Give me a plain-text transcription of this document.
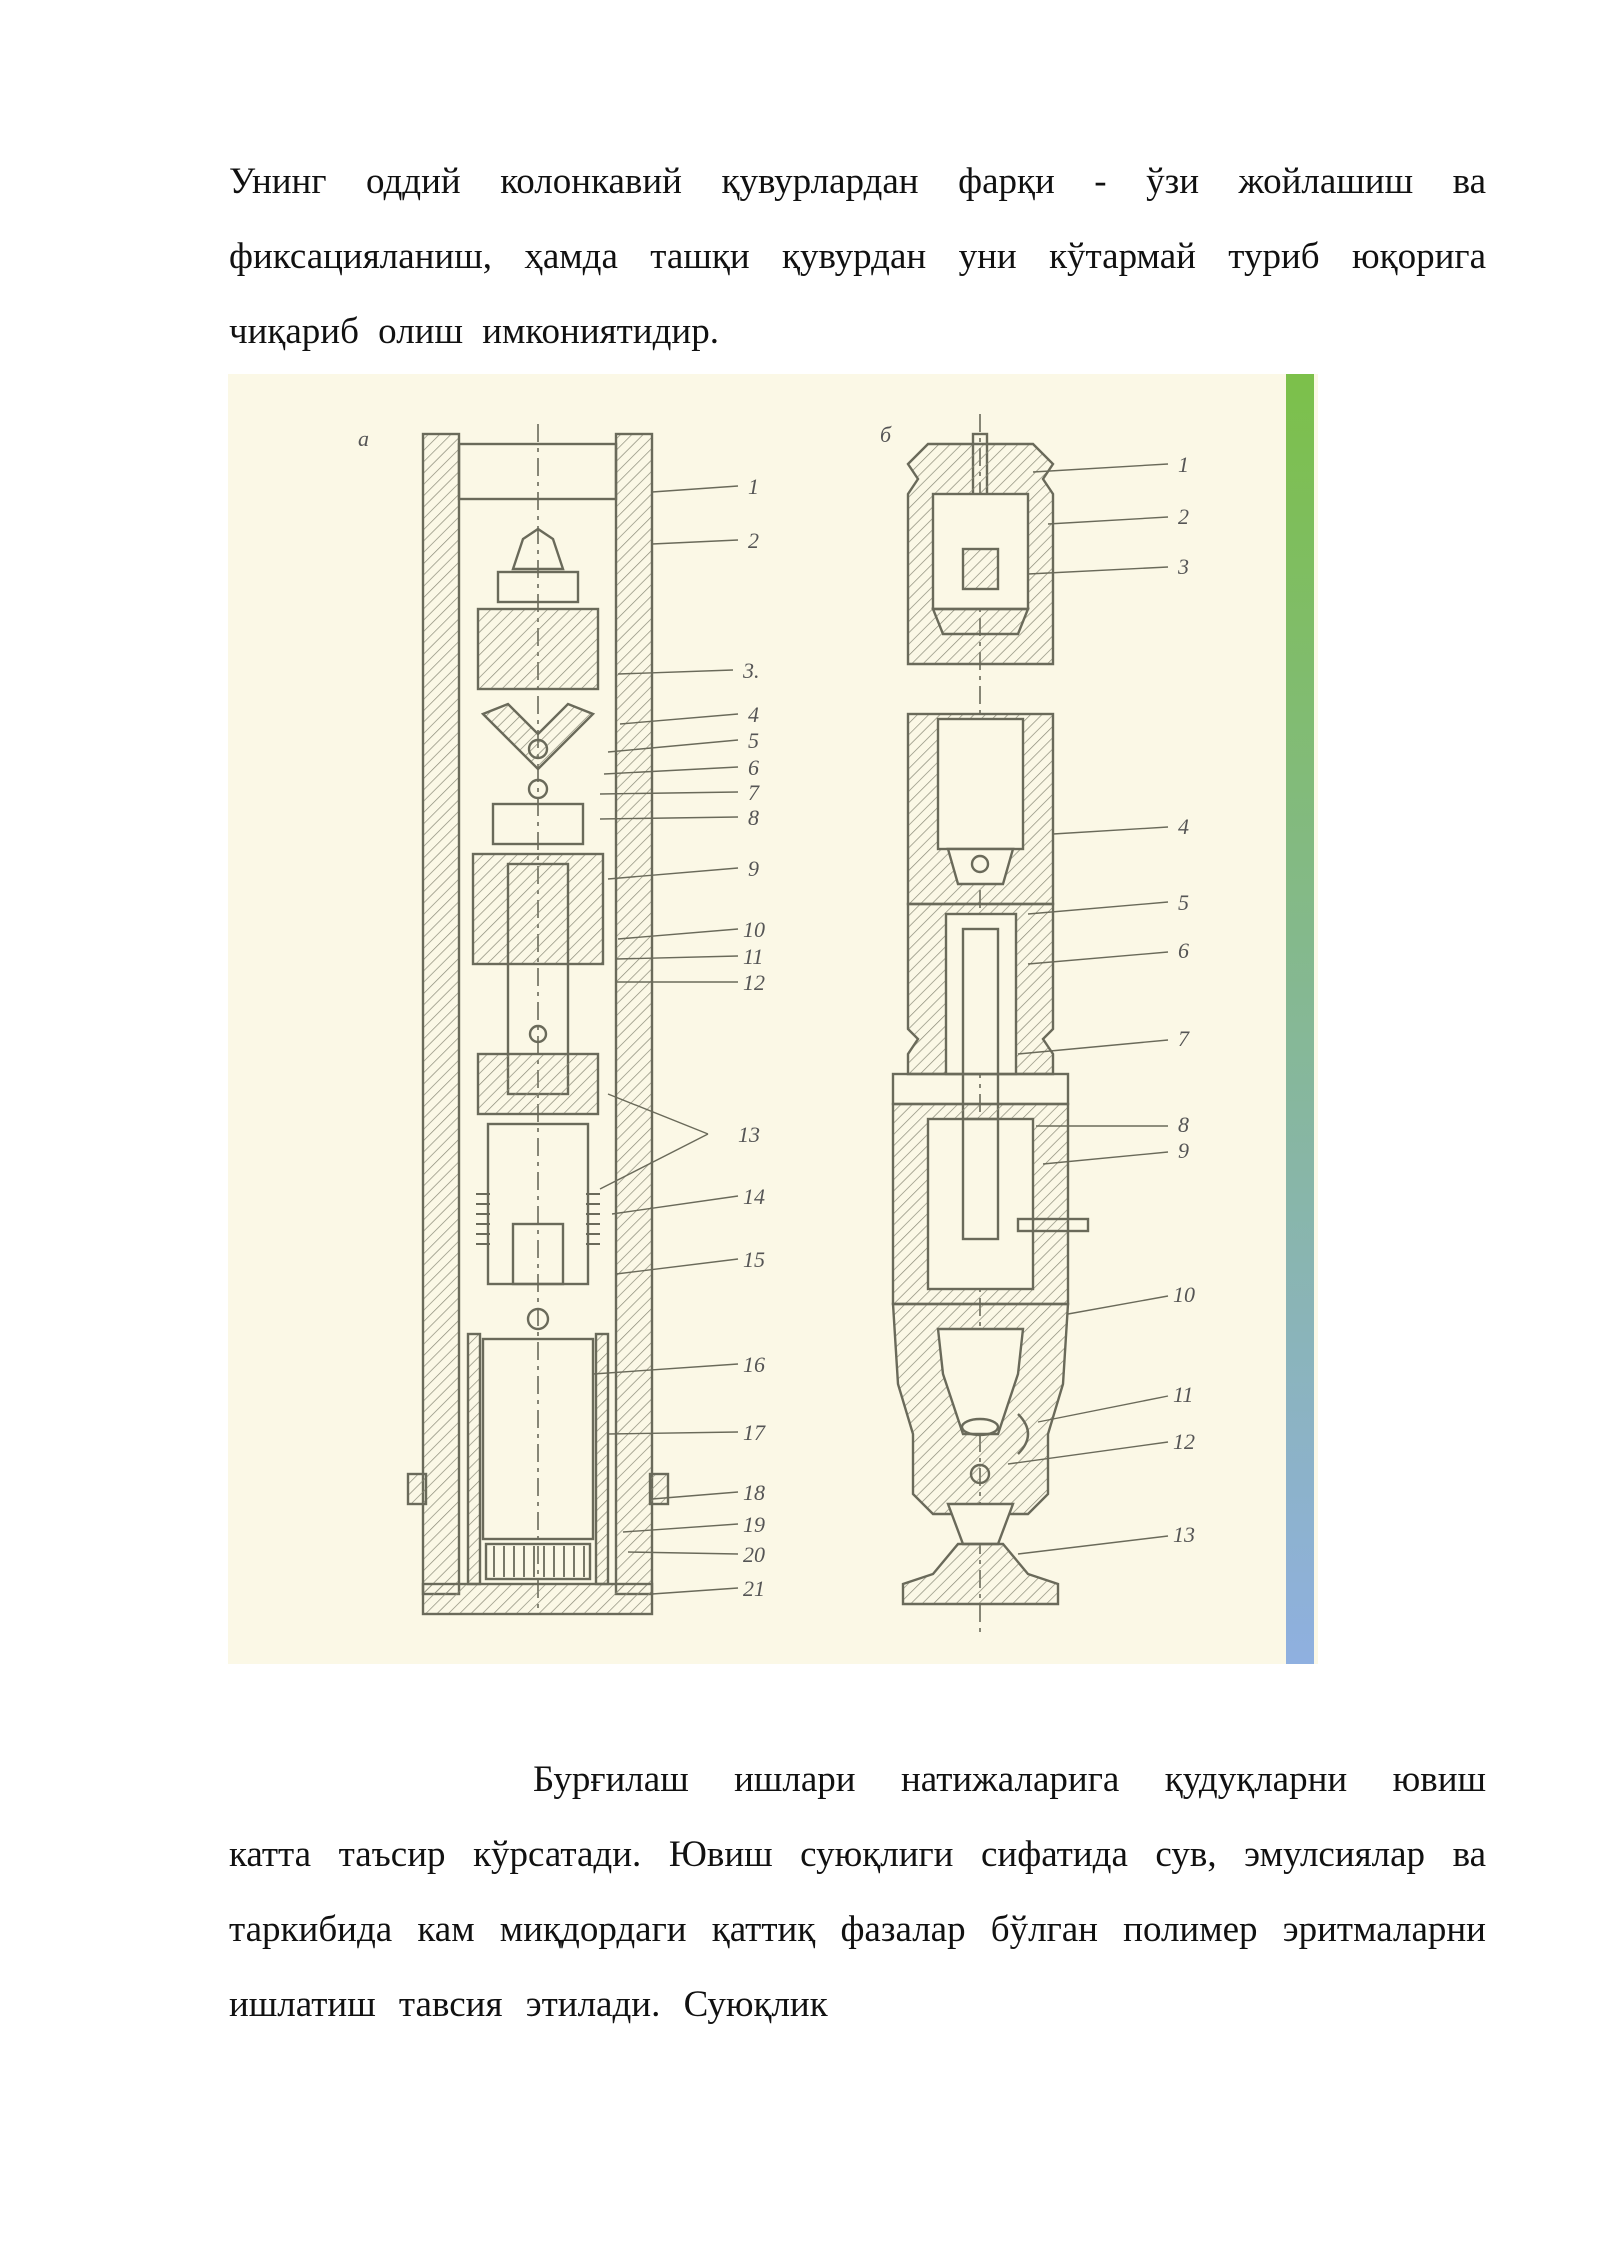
Унинг оддий колонкавий қувурлардан фарқи - ўзи жойлашиш ва фиксацияланиш, ҳамда ташқи қувурдан уни кўтармай туриб юқорига чиқариб олиш имкониятидир.

а
1
2
3.
4
5
6
7
8
9
10
11
12
13
14
15
16
17
18
19
20
21
б
1
2
3
4
5
6
7
8
9
10
11
12
13

Бурғилаш ишлари натижаларига қудуқларни ювиш катта таъсир кўрсатади. Ювиш суюқлиги сифатида сув, эмулсиялар ва таркибида кам миқдордаги қаттиқ фазалар бўлган полимер эритмаларни ишлатиш тавсия этилади. Суюқлик
